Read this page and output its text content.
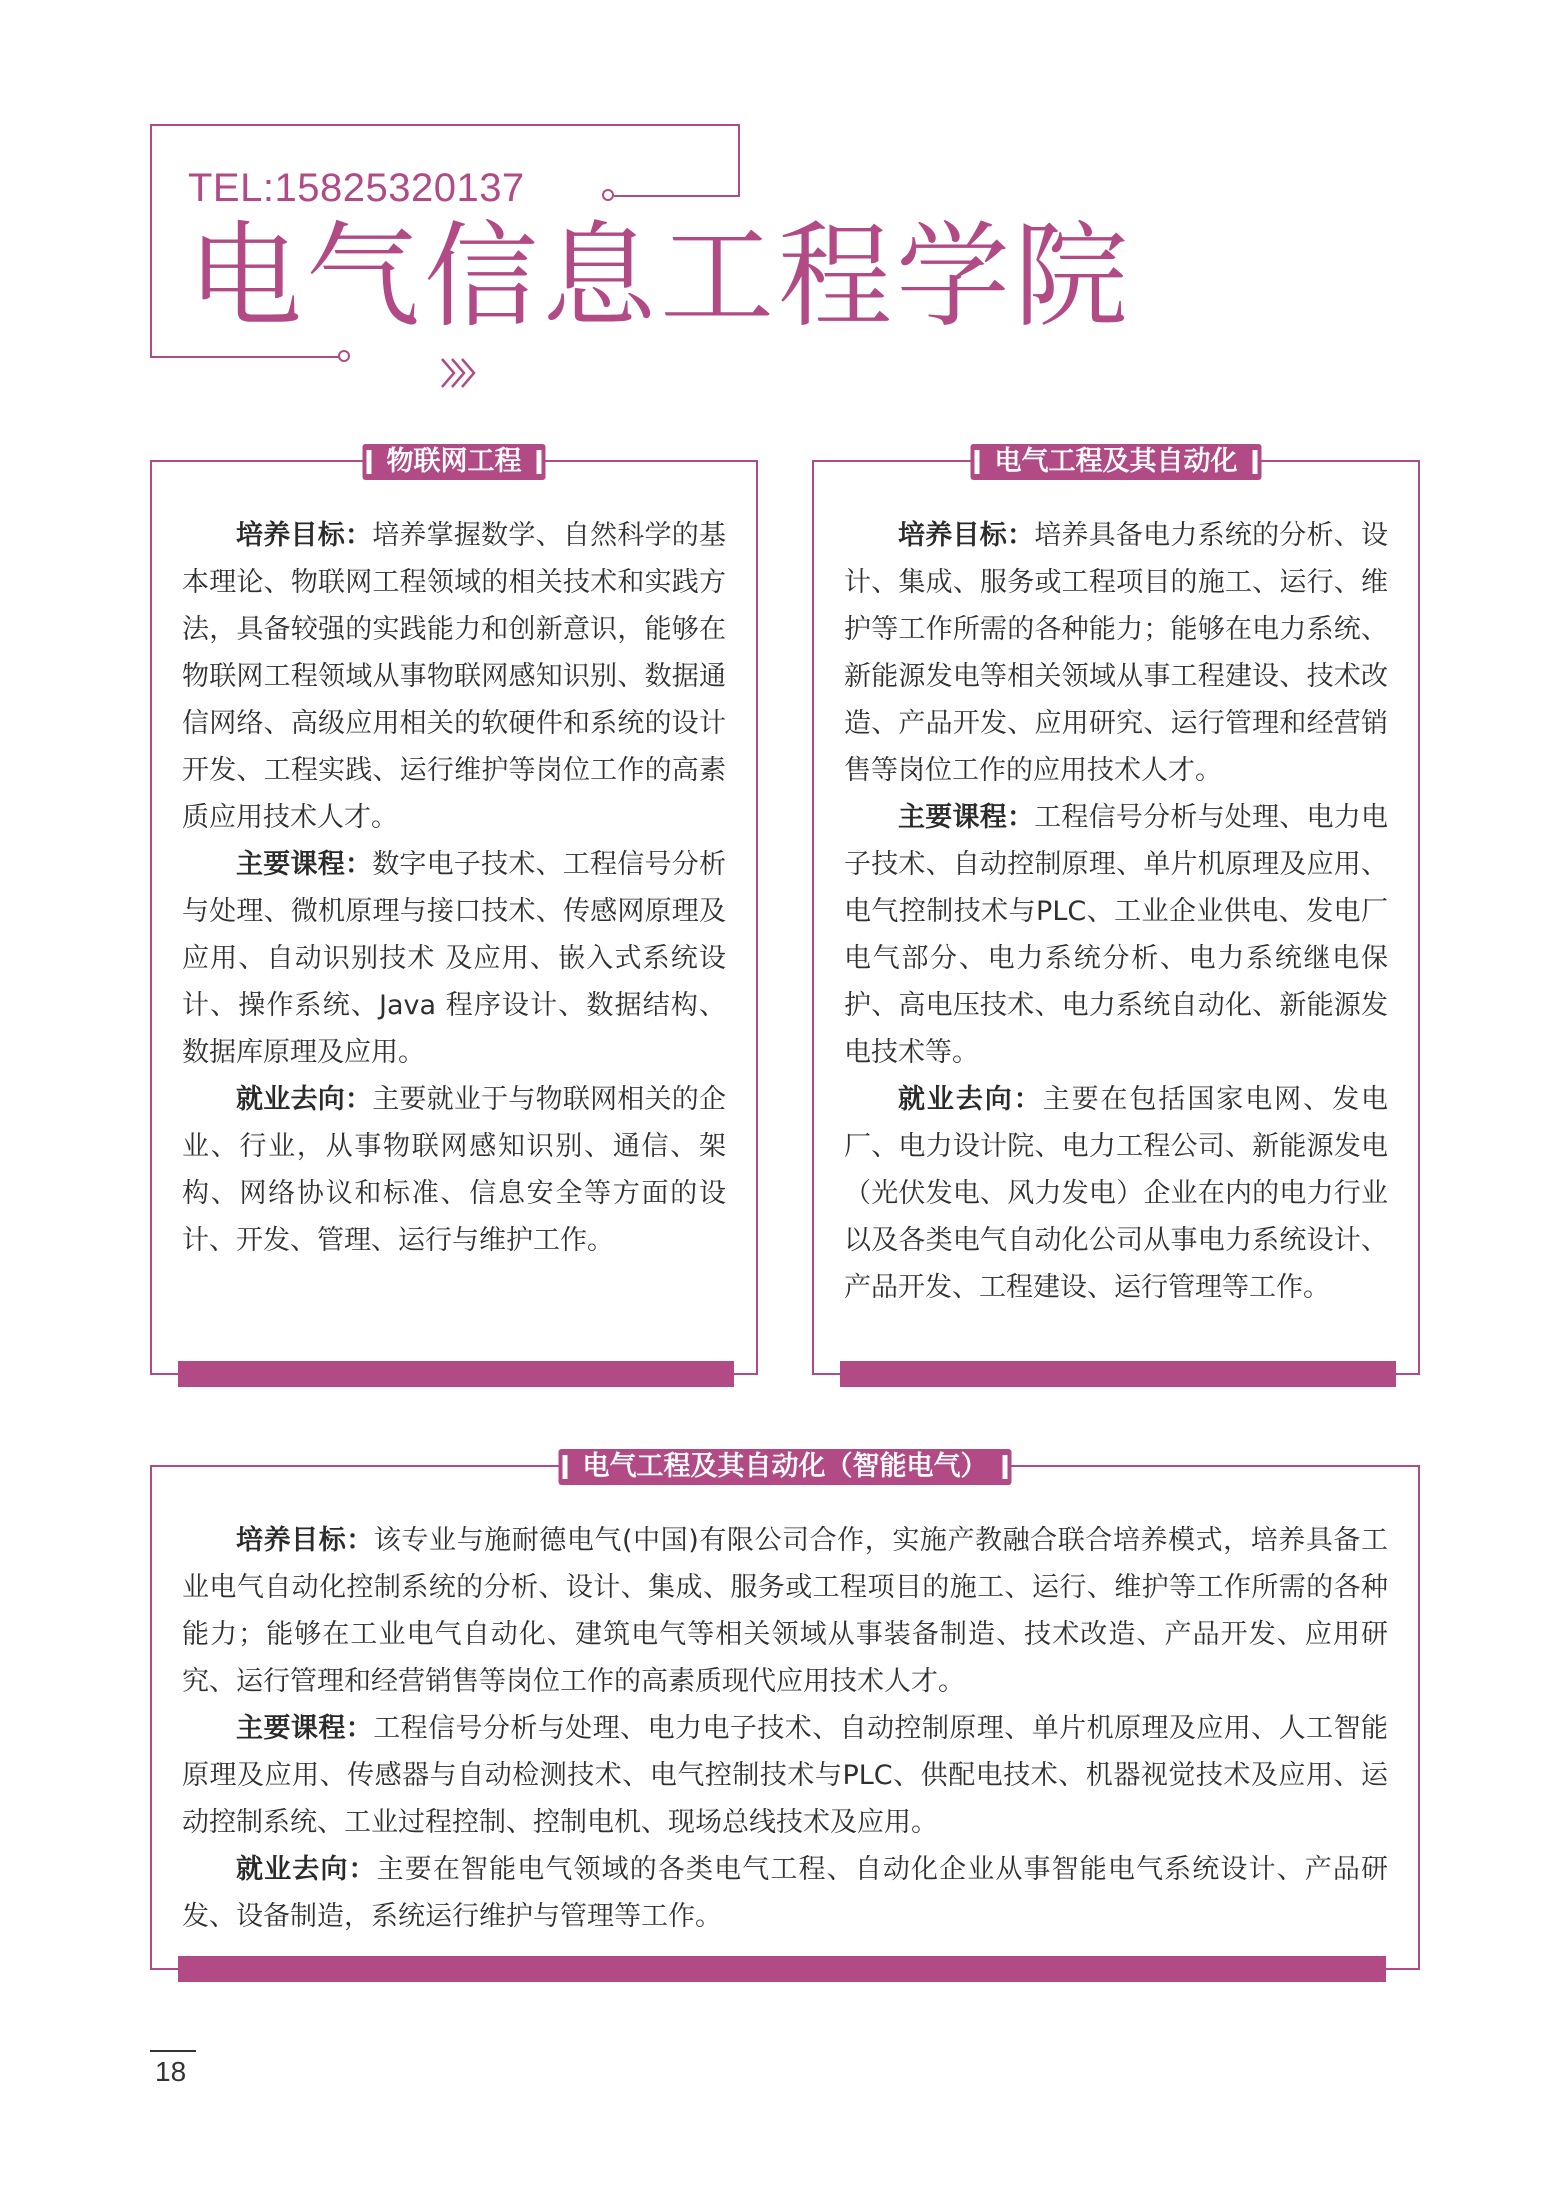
TEL:15825320137
电气信息工程学院
物联网工程

培养目标：培养掌握数学、自然科学的基本理论、物联网工程领域的相关技术和实践方法，具备较强的实践能力和创新意识，能够在物联网工程领域从事物联网感知识别、数据通信网络、高级应用相关的软硬件和系统的设计开发、工程实践、运行维护等岗位工作的高素质应用技术人才。

主要课程：数字电子技术、工程信号分析与处理、微机原理与接口技术、传感网原理及应用、自动识别技术 及应用、嵌入式系统设计、操作系统、Java 程序设计、数据结构、数据库原理及应用。

就业去向：主要就业于与物联网相关的企业、行业，从事物联网感知识别、通信、架构、网络协议和标准、信息安全等方面的设计、开发、管理、运行与维护工作。

电气工程及其自动化

培养目标：培养具备电力系统的分析、设计、集成、服务或工程项目的施工、运行、维护等工作所需的各种能力；能够在电力系统、新能源发电等相关领域从事工程建设、技术改造、产品开发、应用研究、运行管理和经营销售等岗位工作的应用技术人才。

主要课程：工程信号分析与处理、电力电子技术、自动控制原理、单片机原理及应用、电气控制技术与PLC、工业企业供电、发电厂电气部分、电力系统分析、电力系统继电保护、高电压技术、电力系统自动化、新能源发电技术等。

就业去向：主要在包括国家电网、发电厂、电力设计院、电力工程公司、新能源发电（光伏发电、风力发电）企业在内的电力行业以及各类电气自动化公司从事电力系统设计、产品开发、工程建设、运行管理等工作。

电气工程及其自动化（智能电气）

培养目标：该专业与施耐德电气(中国)有限公司合作，实施产教融合联合培养模式，培养具备工业电气自动化控制系统的分析、设计、集成、服务或工程项目的施工、运行、维护等工作所需的各种能力；能够在工业电气自动化、建筑电气等相关领域从事装备制造、技术改造、产品开发、应用研究、运行管理和经营销售等岗位工作的高素质现代应用技术人才。

主要课程：工程信号分析与处理、电力电子技术、自动控制原理、单片机原理及应用、人工智能原理及应用、传感器与自动检测技术、电气控制技术与PLC、供配电技术、机器视觉技术及应用、运动控制系统、工业过程控制、控制电机、现场总线技术及应用。

就业去向：主要在智能电气领域的各类电气工程、自动化企业从事智能电气系统设计、产品研发、设备制造，系统运行维护与管理等工作。

18
